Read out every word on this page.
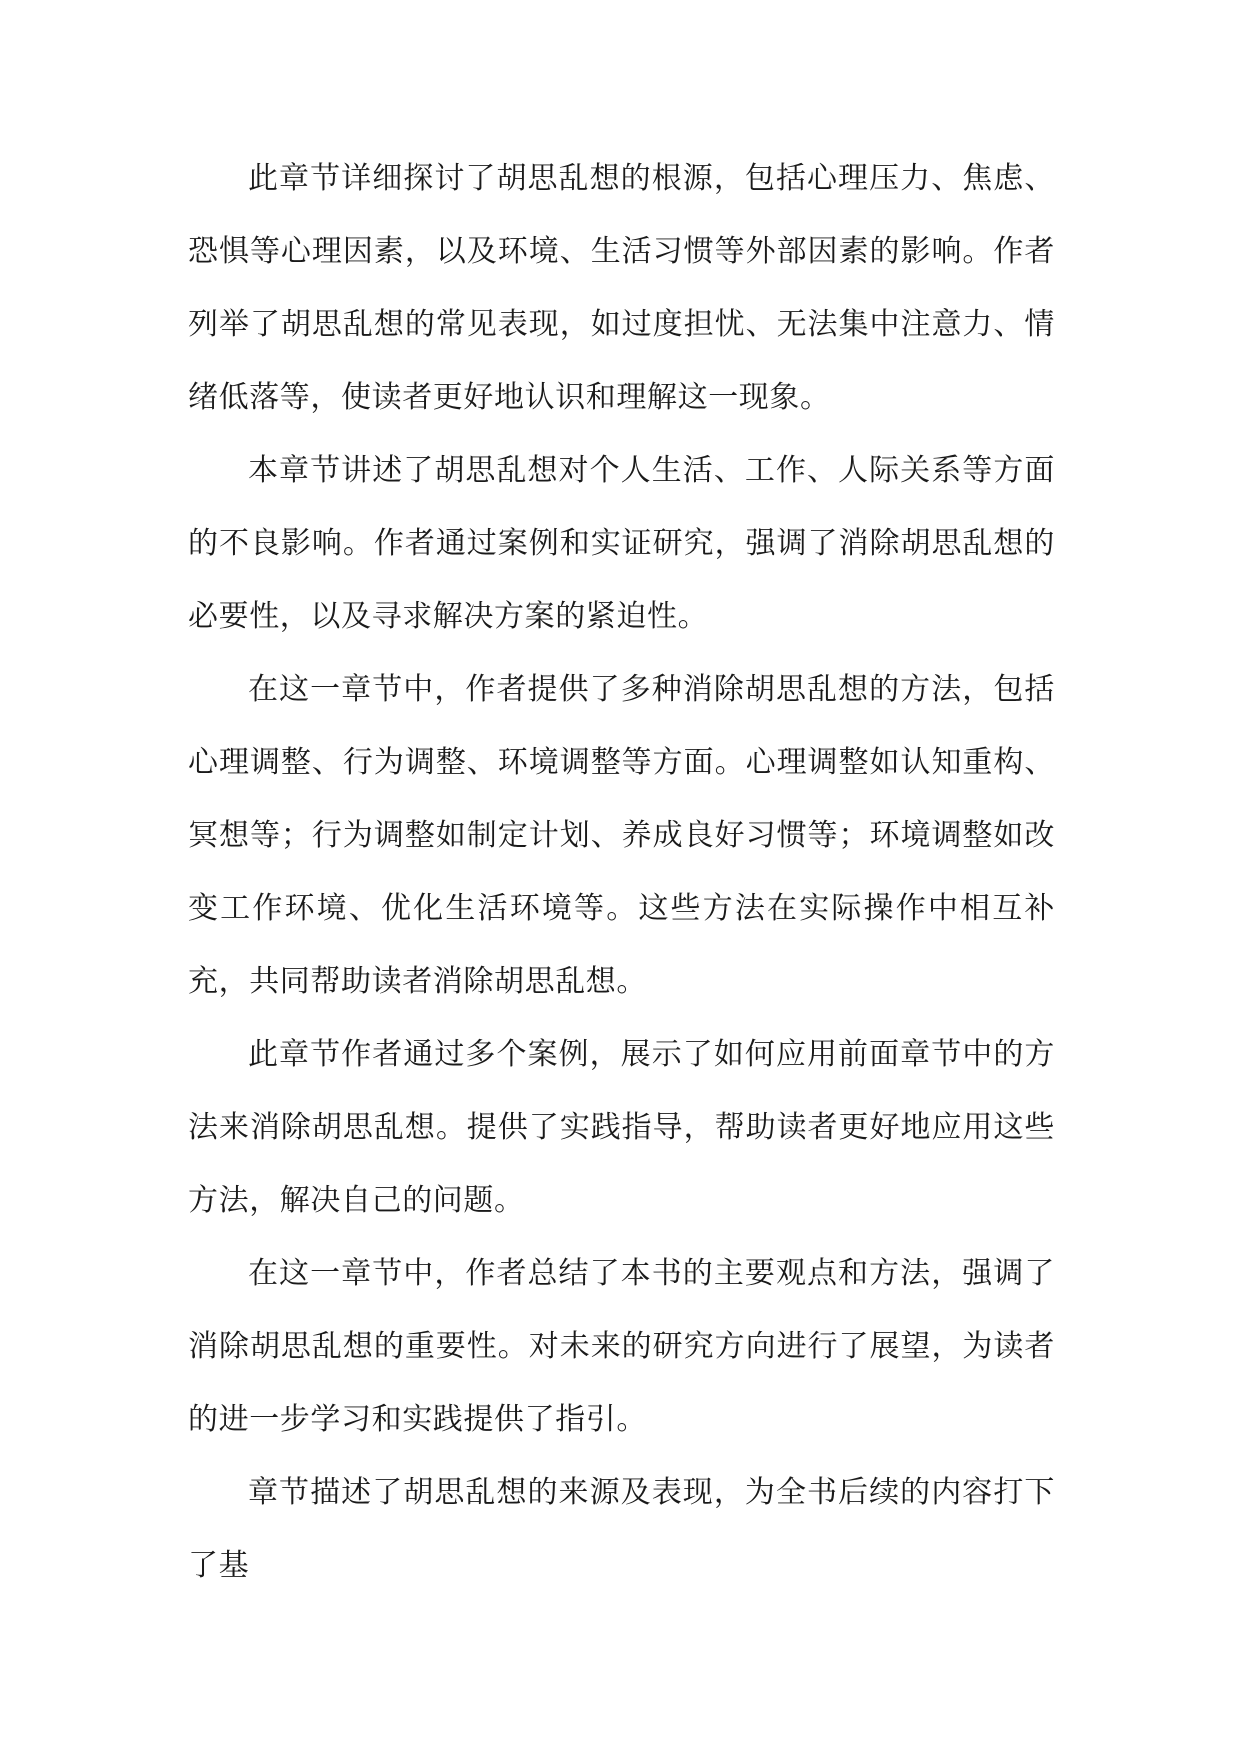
此章节详细探讨了胡思乱想的根源，包括心理压力、焦虑、恐惧等心理因素，以及环境、生活习惯等外部因素的影响。作者列举了胡思乱想的常见表现，如过度担忧、无法集中注意力、情绪低落等，使读者更好地认识和理解这一现象。

本章节讲述了胡思乱想对个人生活、工作、人际关系等方面的不良影响。作者通过案例和实证研究，强调了消除胡思乱想的必要性，以及寻求解决方案的紧迫性。

在这一章节中，作者提供了多种消除胡思乱想的方法，包括心理调整、行为调整、环境调整等方面。心理调整如认知重构、冥想等；行为调整如制定计划、养成良好习惯等；环境调整如改变工作环境、优化生活环境等。这些方法在实际操作中相互补充，共同帮助读者消除胡思乱想。

此章节作者通过多个案例，展示了如何应用前面章节中的方法来消除胡思乱想。提供了实践指导，帮助读者更好地应用这些方法，解决自己的问题。

在这一章节中，作者总结了本书的主要观点和方法，强调了消除胡思乱想的重要性。对未来的研究方向进行了展望，为读者的进一步学习和实践提供了指引。

章节描述了胡思乱想的来源及表现，为全书后续的内容打下了基
